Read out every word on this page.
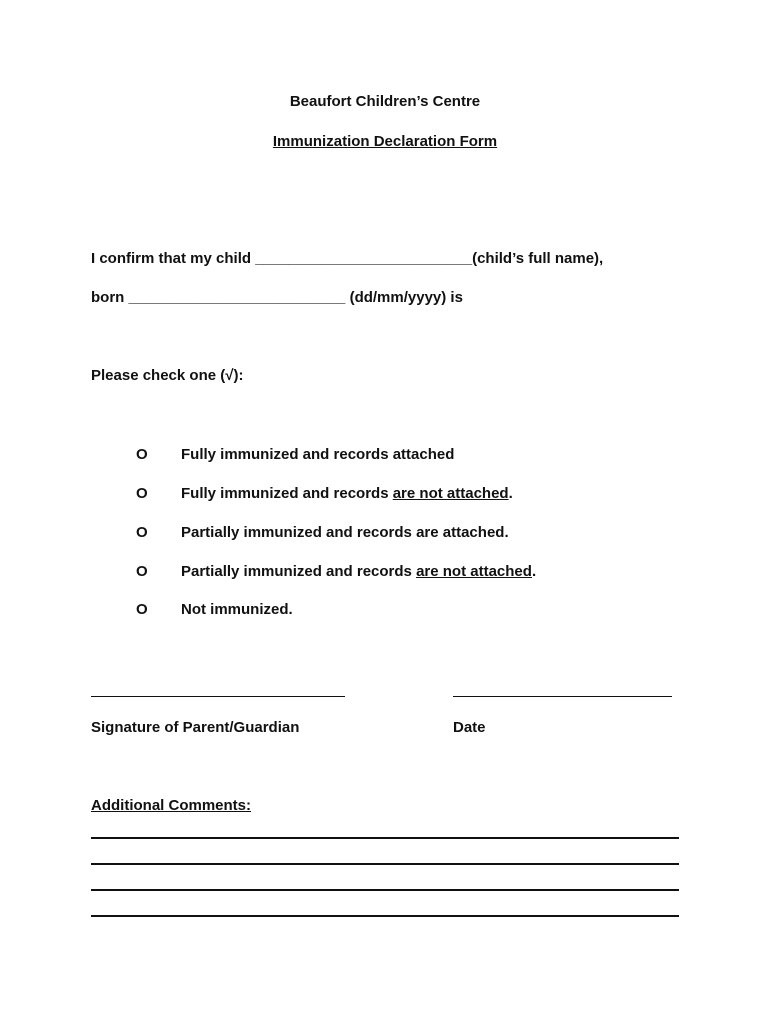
Beaufort Children’s Centre
Immunization Declaration Form
I confirm that my child __________________________(child’s full name),
born __________________________ (dd/mm/yyyy) is
Please check one (√):
O Fully immunized and records attached
O Fully immunized and records are not attached.
O Partially immunized and records are attached.
O Partially immunized and records are not attached.
O Not immunized.
Signature of Parent/Guardian	Date
Additional Comments:
